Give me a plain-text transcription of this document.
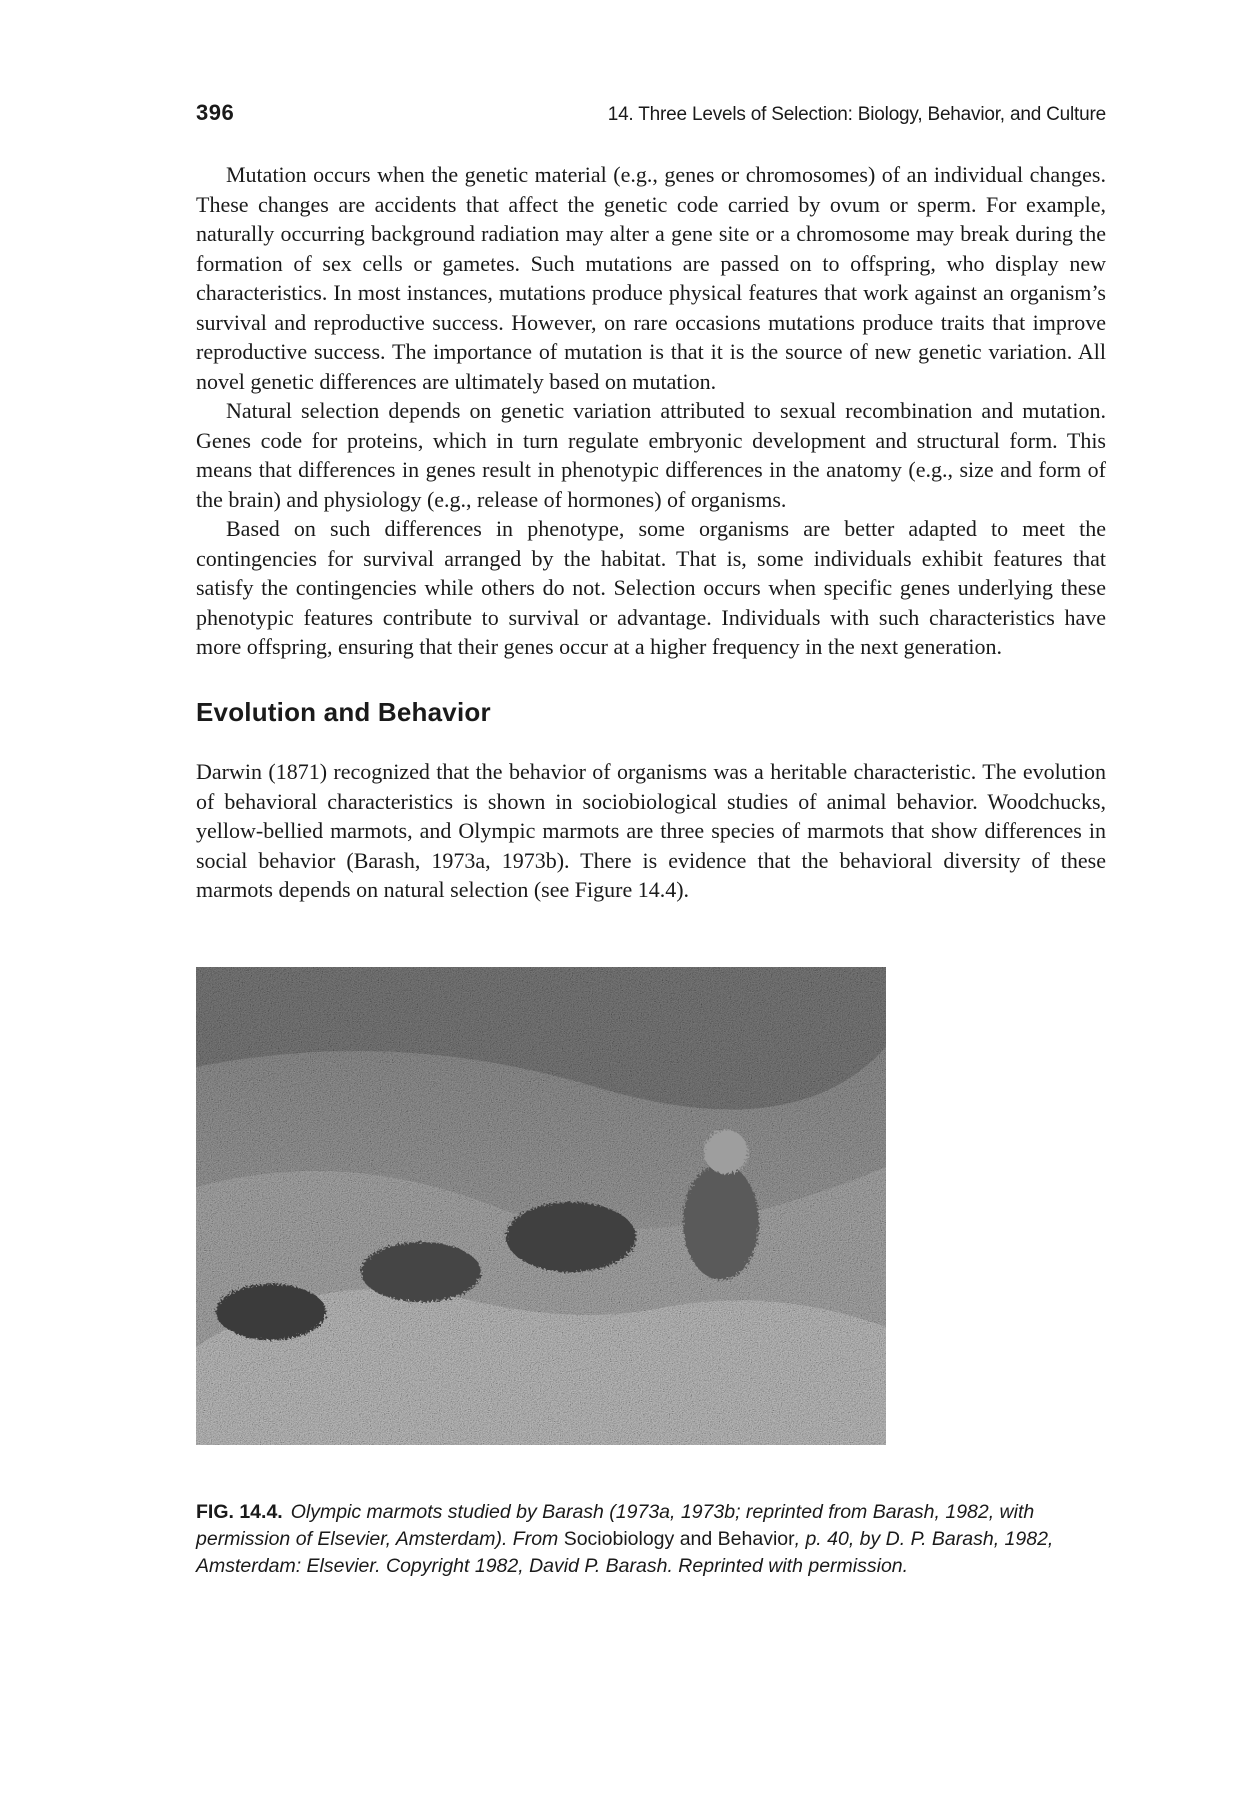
396	14. Three Levels of Selection: Biology, Behavior, and Culture

Mutation occurs when the genetic material (e.g., genes or chromosomes) of an individual changes. These changes are accidents that affect the genetic code carried by ovum or sperm. For example, naturally occurring background radiation may alter a gene site or a chromosome may break during the formation of sex cells or gametes. Such mutations are passed on to offspring, who display new characteristics. In most instances, mutations produce physical features that work against an organism’s survival and reproductive success. However, on rare occasions mutations produce traits that improve reproductive success. The importance of mutation is that it is the source of new genetic variation. All novel genetic differences are ultimately based on mutation.

Natural selection depends on genetic variation attributed to sexual recombination and mutation. Genes code for proteins, which in turn regulate embryonic development and structural form. This means that differences in genes result in phenotypic differences in the anatomy (e.g., size and form of the brain) and physiology (e.g., release of hormones) of organisms.

Based on such differences in phenotype, some organisms are better adapted to meet the contingencies for survival arranged by the habitat. That is, some individuals exhibit features that satisfy the contingencies while others do not. Selection occurs when specific genes underlying these phenotypic features contribute to survival or advantage. Individuals with such characteristics have more offspring, ensuring that their genes occur at a higher frequency in the next generation.

Evolution and Behavior

Darwin (1871) recognized that the behavior of organisms was a heritable characteristic. The evolution of behavioral characteristics is shown in sociobiological studies of animal behavior. Woodchucks, yellow-bellied marmots, and Olympic marmots are three species of marmots that show differences in social behavior (Barash, 1973a, 1973b). There is evidence that the behavioral diversity of these marmots depends on natural selection (see Figure 14.4).

FIG. 14.4. Olympic marmots studied by Barash (1973a, 1973b; reprinted from Barash, 1982, with permission of Elsevier, Amsterdam). From Sociobiology and Behavior, p. 40, by D. P. Barash, 1982, Amsterdam: Elsevier. Copyright 1982, David P. Barash. Reprinted with permission.
